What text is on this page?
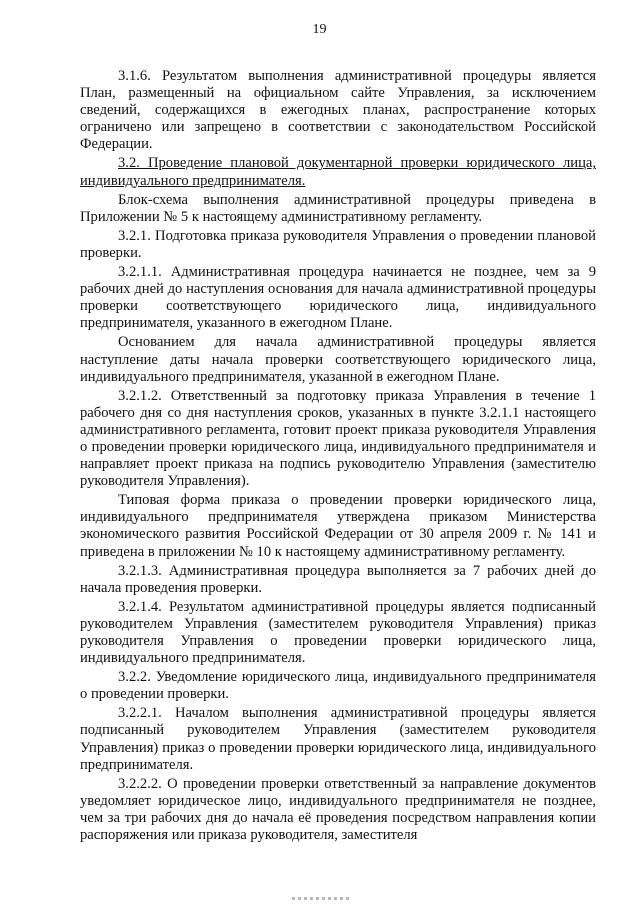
19

3.1.6. Результатом выполнения административной процедуры является План, размещенный на официальном сайте Управления, за исключением сведений, содержащихся в ежегодных планах, распространение которых ограничено или запрещено в соответствии с законодательством Российской Федерации.

3.2. Проведение плановой документарной проверки юридического лица, индивидуального предпринимателя.

Блок-схема выполнения административной процедуры приведена в Приложении № 5 к настоящему административному регламенту.

3.2.1. Подготовка приказа руководителя Управления о проведении плановой проверки.

3.2.1.1. Административная процедура начинается не позднее, чем за 9 рабочих дней до наступления основания для начала административной процедуры проверки соответствующего юридического лица, индивидуального предпринимателя, указанного в ежегодном Плане.

Основанием для начала административной процедуры является наступление даты начала проверки соответствующего юридического лица, индивидуального предпринимателя, указанной в ежегодном Плане.

3.2.1.2. Ответственный за подготовку приказа Управления в течение 1 рабочего дня со дня наступления сроков, указанных в пункте 3.2.1.1 настоящего административного регламента, готовит проект приказа руководителя Управления о проведении проверки юридического лица, индивидуального предпринимателя и направляет проект приказа на подпись руководителю Управления (заместителю руководителя Управления).

Типовая форма приказа о проведении проверки юридического лица, индивидуального предпринимателя утверждена приказом Министерства экономического развития Российской Федерации от 30 апреля 2009 г. № 141 и приведена в приложении № 10 к настоящему административному регламенту.

3.2.1.3. Административная процедура выполняется за 7 рабочих дней до начала проведения проверки.

3.2.1.4. Результатом административной процедуры является подписанный руководителем Управления (заместителем руководителя Управления) приказ руководителя Управления о проведении проверки юридического лица, индивидуального предпринимателя.

3.2.2. Уведомление юридического лица, индивидуального предпринимателя о проведении проверки.

3.2.2.1. Началом выполнения административной процедуры является подписанный руководителем Управления (заместителем руководителя Управления) приказ о проведении проверки юридического лица, индивидуального предпринимателя.

3.2.2.2. О проведении проверки ответственный за направление документов уведомляет юридическое лицо, индивидуального предпринимателя не позднее, чем за три рабочих дня до начала её проведения посредством направления копии распоряжения или приказа руководителя, заместителя
